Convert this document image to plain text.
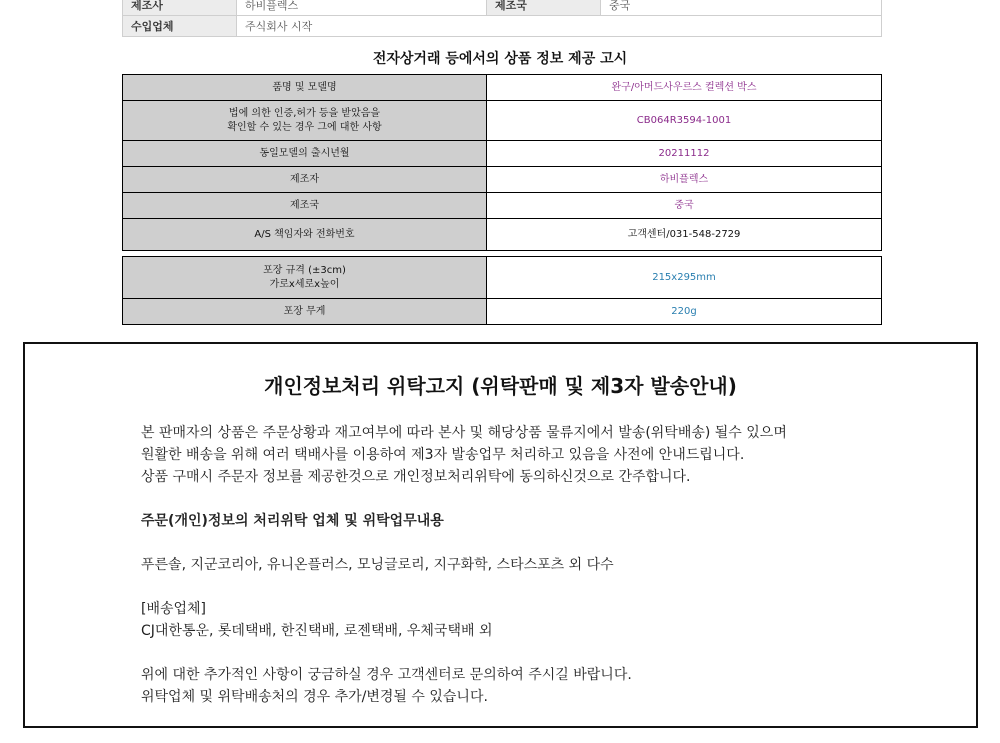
제조사	하비플렉스	제조국	중국
수입업체	주식회사 시작		
전자상거래 등에서의 상품 정보 제공 고시
품명 및 모델명	완구/아머드사우르스 컬렉션 박스

법에 의한 인증,허가 등을 받았음을
확인할 수 있는 경우 그에 대한 사항	CB064R3594-1001
동일모델의 출시년월	20211112
제조자	하비플렉스
제조국	중국
A/S 책임자와 전화번호	고객센터/031-548-2729
포장 규격 (±3cm)
가로x세로x높이	215x295mm
포장 무게	220g
개인정보처리 위탁고지 (위탁판매 및 제3자 발송안내)

본 판매자의 상품은 주문상황과 재고여부에 따라 본사 및 해당상품 물류지에서 발송(위탁배송) 될수 있으며

원활한 배송을 위해 여러 택배사를 이용하여 제3자 발송업무 처리하고 있음을 사전에 안내드립니다.

상품 구매시 주문자 정보를 제공한것으로 개인정보처리위탁에 동의하신것으로 간주합니다.

주문(개인)정보의 처리위탁 업체 및 위탁업무내용

푸른솔, 지군코리아, 유니온플러스, 모닝글로리, 지구화학, 스타스포츠 외 다수

[배송업체]

CJ대한통운, 롯데택배, 한진택배, 로젠택배, 우체국택배 외

위에 대한 추가적인 사항이 궁금하실 경우 고객센터로 문의하여 주시길 바랍니다.

위탁업체 및 위탁배송처의 경우 추가/변경될 수 있습니다.
